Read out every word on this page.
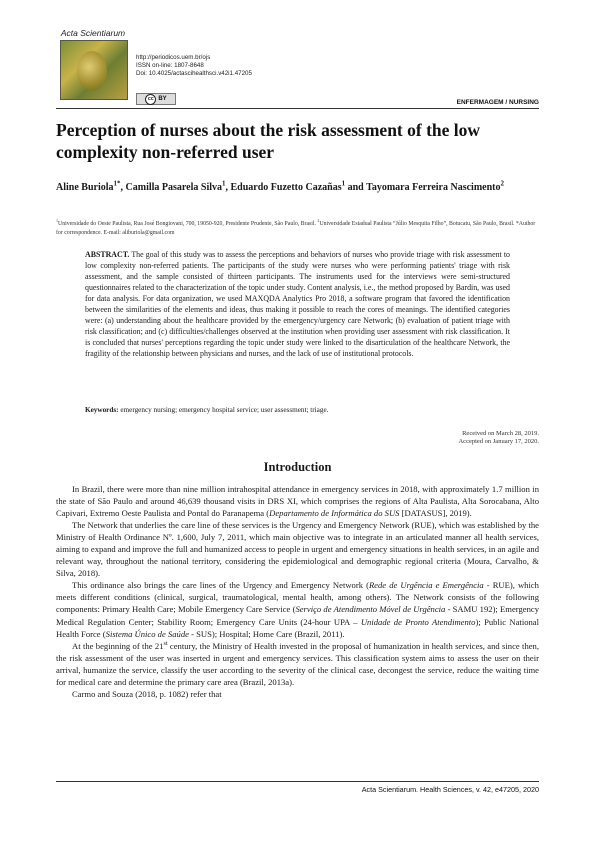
Acta Scientiarum
http://periodicos.uem.br/ojs
ISSN on-line: 1807-8648
Doi: 10.4025/actascihealthsci.v42i1.47205
cc BY	ENFERMAGEM / NURSING
Perception of nurses about the risk assessment of the low complexity non-referred user
Aline Buriola$^{1*}$, Camilla Pasarela Silva$^1$, Eduardo Fuzetto Cazañas$^1$ and Tayomara Ferreira Nascimento$^2$
$^1$Universidade do Oeste Paulista, Rua José Bongiovani, 700, 19050-920, Presidente Prudente, São Paulo, Brasil. $^2$Universidade Estadual Paulista “Júlio Mesquita Filho”, Botucatu, São Paulo, Brasil. *Author for correspondence. E-mail: aliburiola@gmail.com
ABSTRACT. The goal of this study was to assess the perceptions and behaviors of nurses who provide triage with risk assessment to low complexity non-referred patients. The participants of the study were nurses who were performing patients' triage with risk assessment, and the sample consisted of thirteen participants. The instruments used for the interviews were semi-structured questionnaires related to the characterization of the topic under study. Content analysis, i.e., the method proposed by Bardin, was used for data analysis. For data organization, we used MAXQDA Analytics Pro 2018, a software program that favored the identification between the similarities of the elements and ideas, thus making it possible to reach the cores of meanings. The identified categories were: (a) understanding about the healthcare provided by the emergency/urgency care Network; (b) evaluation of patient triage with risk classification; and (c) difficulties/challenges observed at the institution when providing user assessment with risk classification. It is concluded that nurses' perceptions regarding the topic under study were linked to the disarticulation of the healthcare Network, the fragility of the relationship between physicians and nurses, and the lack of use of institutional protocols.
Keywords: emergency nursing; emergency hospital service; user assessment; triage.
Received on March 28, 2019.
Accepted on January 17, 2020.
Introduction

In Brazil, there were more than nine million intrahospital attendance in emergency services in 2018, with approximately 1.7 million in the state of São Paulo and around 46,639 thousand visits in DRS XI, which comprises the regions of Alta Paulista, Alta Sorocabana, Alto Capivari, Extremo Oeste Paulista and Pontal do Paranapema (Departamento de Informática do SUS [DATASUS], 2019).

The Network that underlies the care line of these services is the Urgency and Emergency Network (RUE), which was established by the Ministry of Health Ordinance Nº. 1,600, July 7, 2011, which main objective was to integrate in an articulated manner all health services, aiming to expand and improve the full and humanized access to people in urgent and emergency situations in health services, in an agile and relevant way, throughout the national territory, considering the epidemiological and demographic regional criteria (Moura, Carvalho, & Silva, 2018).

This ordinance also brings the care lines of the Urgency and Emergency Network (Rede de Urgência e Emergência - RUE), which meets different conditions (clinical, surgical, traumatological, mental health, among others). The Network consists of the following components: Primary Health Care; Mobile Emergency Care Service (Serviço de Atendimento Móvel de Urgência - SAMU 192); Emergency Medical Regulation Center; Stability Room; Emergency Care Units (24-hour UPA – Unidade de Pronto Atendimento); Public National Health Force (Sistema Único de Saúde - SUS); Hospital; Home Care (Brazil, 2011).

At the beginning of the 21st century, the Ministry of Health invested in the proposal of humanization in health services, and since then, the risk assessment of the user was inserted in urgent and emergency services. This classification system aims to assess the user on their arrival, humanize the service, classify the user according to the severity of the clinical case, decongest the service, reduce the waiting time for medical care and determine the primary care area (Brazil, 2013a).

Carmo and Souza (2018, p. 1082) refer that

Acta Scientiarum. Health Sciences, v. 42, e47205, 2020
